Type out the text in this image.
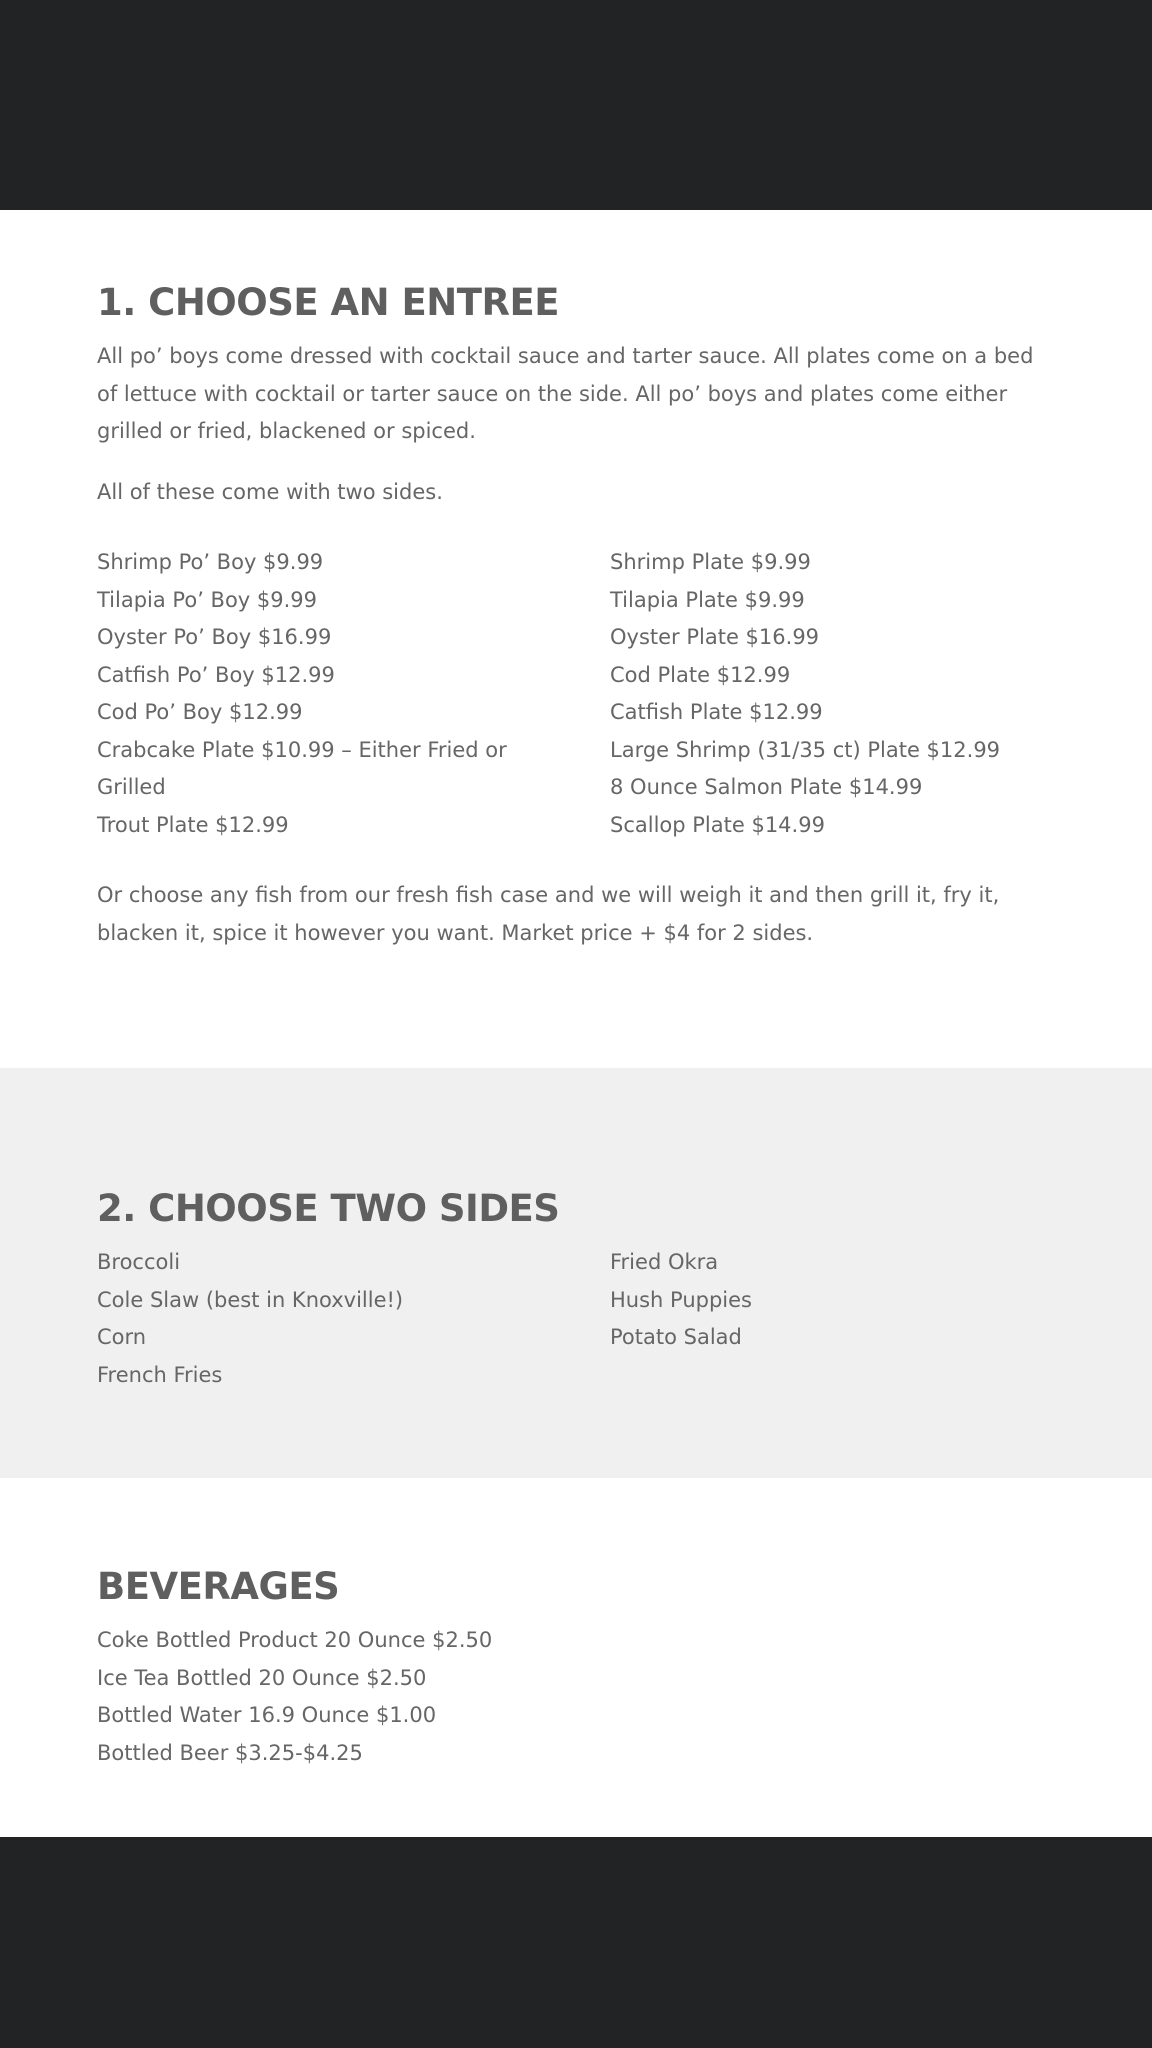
1. CHOOSE AN ENTREE

All po’ boys come dressed with cocktail sauce and tarter sauce. All plates come on a bed of lettuce with cocktail or tarter sauce on the side. All po’ boys and plates come either grilled or fried, blackened or spiced.

All of these come with two sides.

Shrimp Po’ Boy $9.99
Tilapia Po’ Boy $9.99
Oyster Po’ Boy $16.99
Catfish Po’ Boy $12.99
Cod Po’ Boy $12.99
Crabcake Plate $10.99 – Either Fried or Grilled
Trout Plate $12.99
Shrimp Plate $9.99
Tilapia Plate $9.99
Oyster Plate $16.99
Cod Plate $12.99
Catfish Plate $12.99
Large Shrimp (31/35 ct) Plate $12.99
8 Ounce Salmon Plate $14.99
Scallop Plate $14.99

Or choose any fish from our fresh fish case and we will weigh it and then grill it, fry it, blacken it, spice it however you want. Market price + $4 for 2 sides.

2. CHOOSE TWO SIDES
Broccoli
Cole Slaw (best in Knoxville!)
Corn
French Fries
Fried Okra
Hush Puppies
Potato Salad
BEVERAGES
Coke Bottled Product 20 Ounce $2.50
Ice Tea Bottled 20 Ounce $2.50
Bottled Water 16.9 Ounce $1.00
Bottled Beer $3.25-$4.25
